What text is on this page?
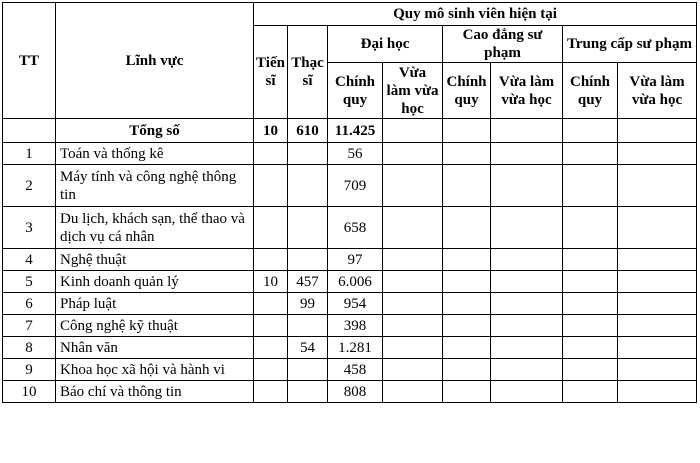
TT	Lĩnh vực	Quy mô sinh viên hiện tại							
		Tiến sĩ	Thạc sĩ	Đại học		Cao đẳng sư phạm		Trung cấp sư phạm	
				Chính quy	Vừa làm vừa học	Chính quy	Vừa làm vừa học	Chính quy	Vừa làm vừa học
	Tổng số	10	610	11.425					
1	Toán và thống kê			56					
2	Máy tính và công nghệ thông tin			709					
3	Du lịch, khách sạn, thể thao và dịch vụ cá nhân			658					
4	Nghệ thuật			97					
5	Kinh doanh quản lý	10	457	6.006					
6	Pháp luật		99	954					
7	Công nghệ kỹ thuật			398					
8	Nhân văn		54	1.281					
9	Khoa học xã hội và hành vi			458					
10	Báo chí và thông tin			808					
